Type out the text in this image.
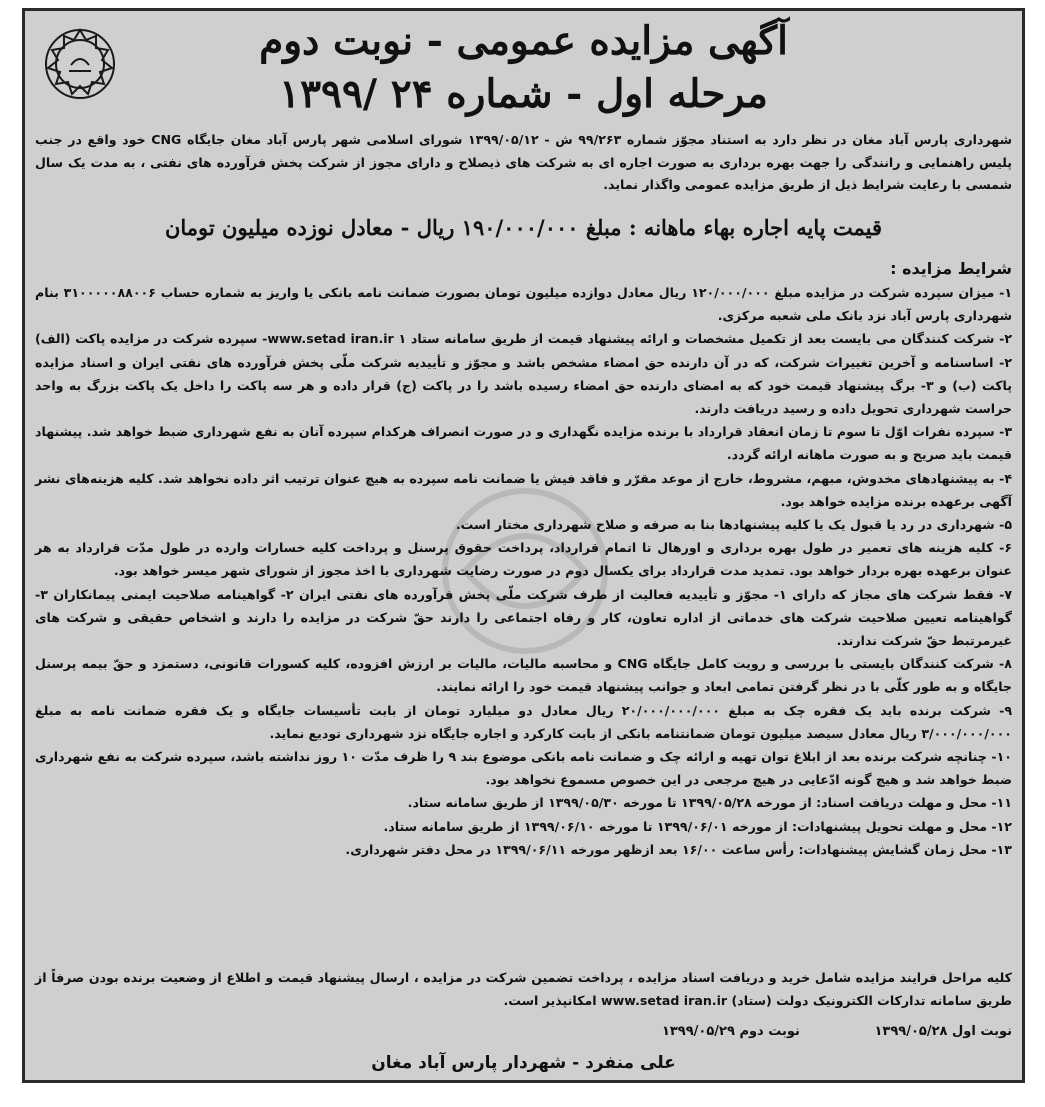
آگهی مزایده عمومی - نوبت دوم
مرحله اول - شماره ۲۴ /۱۳۹۹
شهرداری پارس آباد مغان در نظر دارد به استناد مجوّز شماره ۹۹/۲۶۳ ش - ۱۳۹۹/۰۵/۱۲ شورای اسلامی شهر پارس آباد مغان جایگاه CNG خود واقع در جنب پلیس راهنمایی و رانندگی را جهت بهره برداری به صورت اجاره ای به شرکت های ذیصلاح و دارای مجوز از شرکت پخش فرآورده های نفتی ، به مدت یک سال شمسی با رعایت شرایط ذیل از طریق مزایده عمومی واگذار نماید.
قیمت پایه اجاره بهاء ماهانه : مبلغ ۱۹۰/۰۰۰/۰۰۰ ریال - معادل نوزده میلیون تومان
شرایط مزایده :
۱- میزان سپرده شرکت در مزایده مبلغ ۱۲۰/۰۰۰/۰۰۰ ریال معادل دوازده میلیون تومان بصورت ضمانت نامه بانکی یا واریز به شماره حساب ۳۱۰۰۰۰۰۸۸۰۰۶ بنام شهرداری پارس آباد نزد بانک ملی شعبه مرکزی.
۲- شرکت کنندگان می بایست بعد از تکمیل مشخصات و ارائه پیشنهاد قیمت از طریق سامانه ستاد www.setad iran.ir ۱- سپرده شرکت در مزایده پاکت (الف) ۲- اساسنامه و آخرین تغییرات شرکت، که در آن دارنده حق امضاء مشخص باشد و مجوّز و تأییدیه شرکت ملّی پخش فرآورده های نفتی ایران و اسناد مزایده پاکت (ب) و ۳- برگ پیشنهاد قیمت خود که به امضای دارنده حق امضاء رسیده باشد را در پاکت (ج) قرار داده و هر سه پاکت را داخل یک پاکت بزرگ به واحد حراست شهرداری تحویل داده و رسید دریافت دارند.
۳- سپرده نفرات اوّل تا سوم تا زمان انعقاد قرارداد با برنده مزایده نگهداری و در صورت انصراف هرکدام سپرده آنان به نفع شهرداری ضبط خواهد شد. پیشنهاد قیمت باید صریح و به صورت ماهانه ارائه گردد.
۴- به پیشنهادهای مخدوش، مبهم، مشروط، خارج از موعد مقرّر و فاقد فیش یا ضمانت نامه سپرده به هیچ عنوان ترتیب اثر داده نخواهد شد. کلیه هزینه‌های نشر آگهی برعهده برنده مزایده خواهد بود.
۵- شهرداری در رد یا قبول یک یا کلیه پیشنهادها بنا به صرفه و صلاح شهرداری مختار است.
۶- کلیه هزینه های تعمیر در طول بهره برداری و اورهال تا اتمام قرارداد، پرداخت حقوق پرسنل و پرداخت کلیه خسارات وارده در طول مدّت قرارداد به هر عنوان برعهده بهره بردار خواهد بود. تمدید مدت قرارداد برای یکسال دوم در صورت رضایت شهرداری با اخذ مجوز از شورای شهر میسر خواهد بود.
۷- فقط شرکت های مجاز که دارای ۱- مجوّز و تأییدیه فعالیت از طرف شرکت ملّی پخش فرآورده های نفتی ایران ۲- گواهینامه صلاحیت ایمنی پیمانکاران ۳- گواهینامه تعیین صلاحیت شرکت های خدماتی از اداره تعاون، کار و رفاه اجتماعی را دارند حقّ شرکت در مزایده را دارند و اشخاص حقیقی و شرکت های غیرمرتبط حقّ شرکت ندارند.
۸- شرکت کنندگان بایستی با بررسی و رویت کامل جایگاه CNG و محاسبه مالیات، مالیات بر ارزش افزوده، کلیه کسورات قانونی، دستمزد و حقّ بیمه پرسنل جایگاه و به طور کلّی با در نظر گرفتن تمامی ابعاد و جوانب پیشنهاد قیمت خود را ارائه نمایند.
۹- شرکت برنده باید یک فقره چک به مبلغ ۲۰/۰۰۰/۰۰۰/۰۰۰ ریال معادل دو میلیارد تومان از بابت تأسیسات جایگاه و یک فقره ضمانت نامه به مبلغ ۳/۰۰۰/۰۰۰/۰۰۰ ریال معادل سیصد میلیون تومان ضمانتنامه بانکی از بابت کارکرد و اجاره جایگاه نزد شهرداری تودیع نماید.
۱۰- چنانچه شرکت برنده بعد از ابلاغ توان تهیه و ارائه چک و ضمانت نامه بانکی موضوع بند ۹ را ظرف مدّت ۱۰ روز نداشته باشد، سپرده شرکت به نفع شهرداری ضبط خواهد شد و هیچ گونه ادّعایی در هیچ مرجعی در این خصوص مسموع نخواهد بود.
۱۱- محل و مهلت دریافت اسناد: از مورخه ۱۳۹۹/۰۵/۲۸ تا مورخه ۱۳۹۹/۰۵/۳۰ از طریق سامانه ستاد.
۱۲- محل و مهلت تحویل پیشنهادات: از مورخه ۱۳۹۹/۰۶/۰۱ تا مورخه ۱۳۹۹/۰۶/۱۰ از طریق سامانه ستاد.
۱۳- محل زمان گشایش پیشنهادات: رأس ساعت ۱۶/۰۰ بعد ازظهر مورخه ۱۳۹۹/۰۶/۱۱ در محل دفتر شهرداری.
کلیه مراحل فرایند مزایده شامل خرید و دریافت اسناد مزایده ، پرداخت تضمین شرکت در مزایده ، ارسال پیشنهاد قیمت و اطلاع از وضعیت برنده بودن صرفاً از طریق سامانه تدارکات الکترونیک دولت (ستاد) www.setad iran.ir امکانپذیر است.
نوبت اول ۱۳۹۹/۰۵/۲۸ نوبت دوم ۱۳۹۹/۰۵/۲۹
علی منفرد - شهردار پارس آباد مغان
